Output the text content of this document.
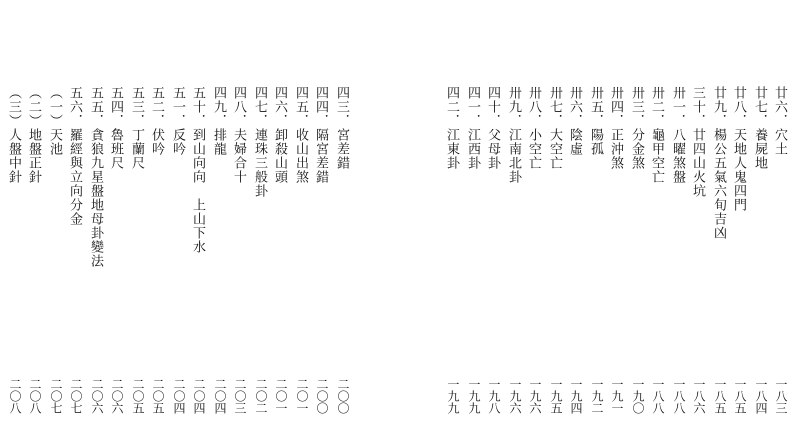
四三．宮差錯
二〇〇
四四．隔宮差錯
二〇〇
四五．收山出煞
二〇一
四六．卸殺山頭
二〇一
四七．連珠三般卦
二〇二
四八．夫婦合十
二〇三
四九．排龍
二〇四
五十．到山向向　上山下水
二〇四
五一．反吟
二〇四
五二．伏吟
二〇五
五三．丁蘭尺
二〇五
五四．魯班尺
二〇六
五五．貪狼九星盤地母卦變法
二〇六
五六．羅經與立向分金
二〇七
（一）天池
二〇七
（二）地盤正針
二〇八
（三）人盤中針
二〇八
廿六．穴土
一八三
廿七．養屍地
一八四
廿八．天地人鬼四門
一八五
廿九．楊公五氣六旬吉凶
一八五
三十．廿四山火坑
一八六
卅一．八曜煞盤
一八八
卅二．龜甲空亡
一八八
卅三．分金煞
一九〇
卅四．正沖煞
一九一
卅五．陽孤
一九二
卅六．陰虛
一九四
卅七．大空亡
一九五
卅八．小空亡
一九六
卅九．江南北卦
一九六
四十．父母卦
一九八
四一．江西卦
一九九
四二．江東卦
一九九
